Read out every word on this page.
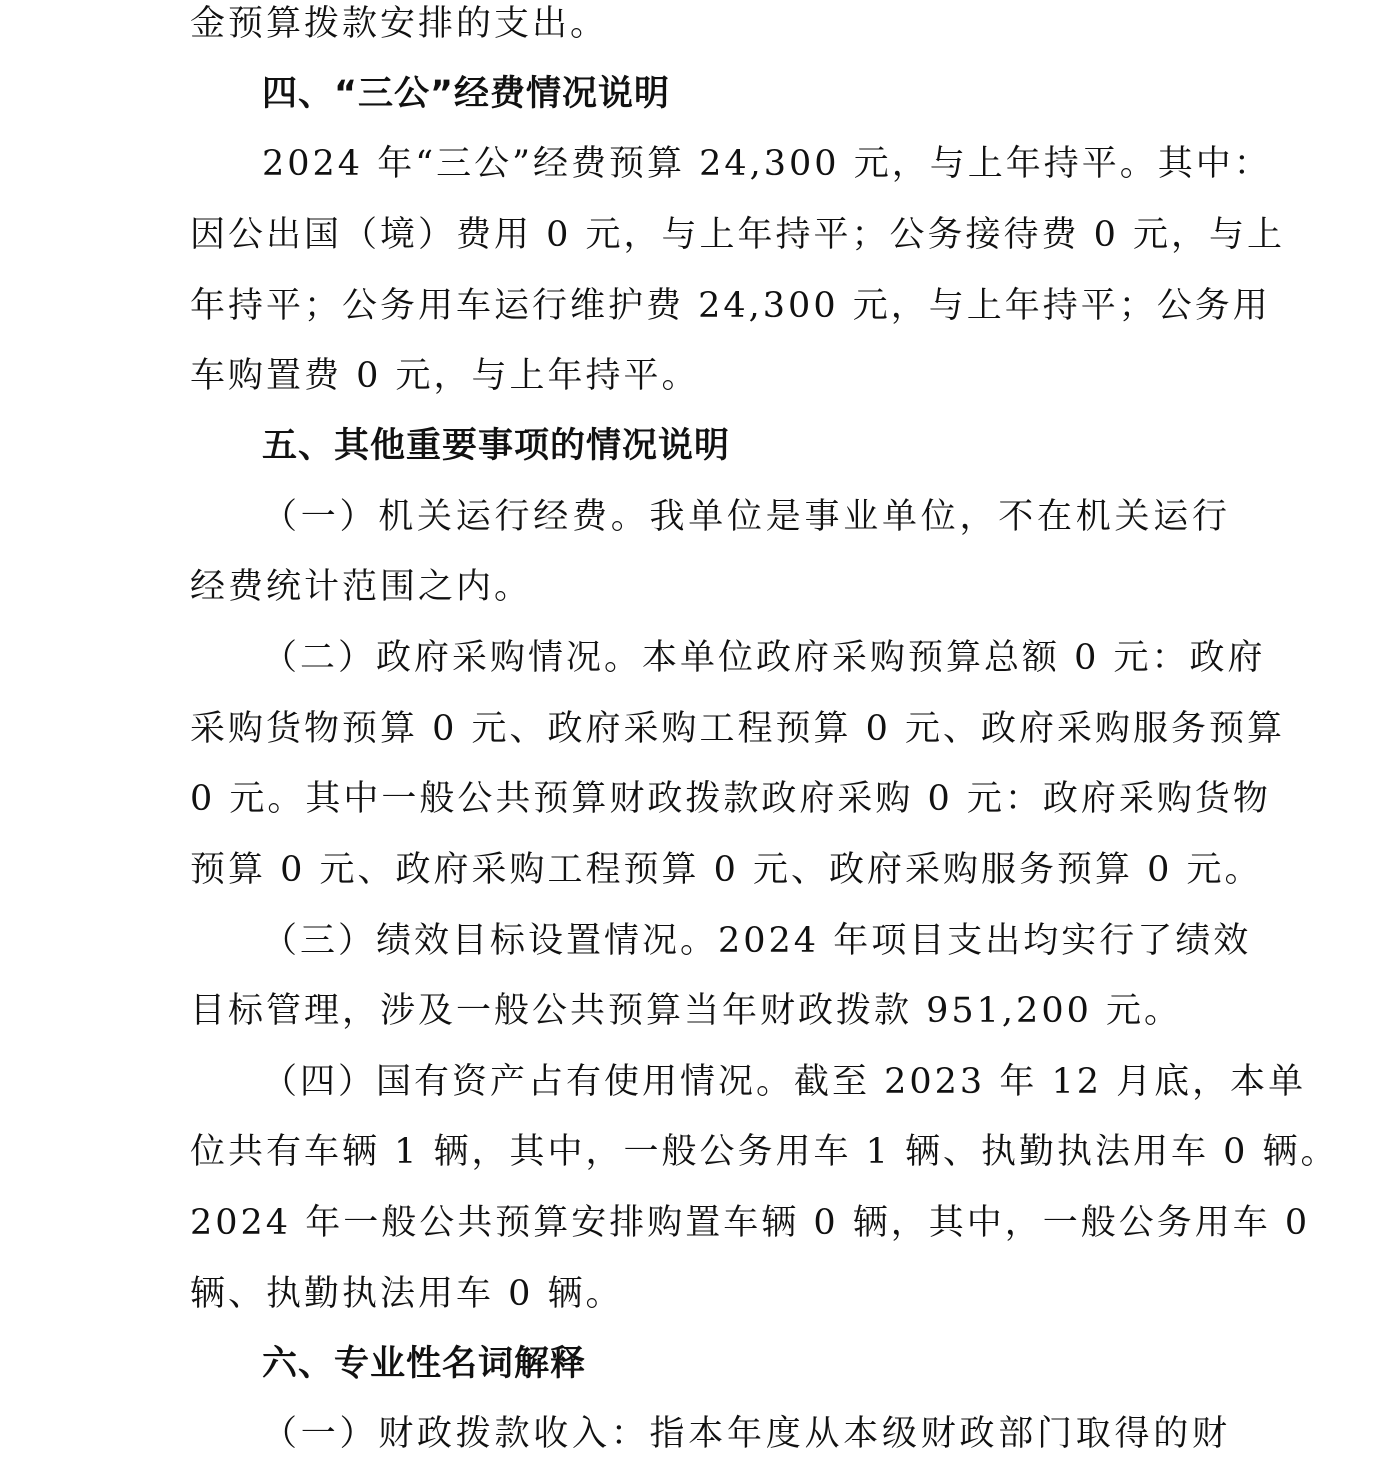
金预算拨款安排的支出。
四、“三公”经费情况说明
2024 年“三公”经费预算 24,300 元，与上年持平。其中：
因公出国（境）费用 0 元，与上年持平；公务接待费 0 元，与上
年持平；公务用车运行维护费 24,300 元，与上年持平；公务用
车购置费 0 元，与上年持平。
五、其他重要事项的情况说明
（一）机关运行经费。我单位是事业单位，不在机关运行
经费统计范围之内。
（二）政府采购情况。本单位政府采购预算总额 0 元：政府
采购货物预算 0 元、政府采购工程预算 0 元、政府采购服务预算
0 元。其中一般公共预算财政拨款政府采购 0 元：政府采购货物
预算 0 元、政府采购工程预算 0 元、政府采购服务预算 0 元。
（三）绩效目标设置情况。2024 年项目支出均实行了绩效
目标管理，涉及一般公共预算当年财政拨款 951,200 元。
（四）国有资产占有使用情况。截至 2023 年 12 月底，本单
位共有车辆 1 辆，其中，一般公务用车 1 辆、执勤执法用车 0 辆。
2024 年一般公共预算安排购置车辆 0 辆，其中，一般公务用车 0
辆、执勤执法用车 0 辆。
六、专业性名词解释
（一）财政拨款收入：指本年度从本级财政部门取得的财
